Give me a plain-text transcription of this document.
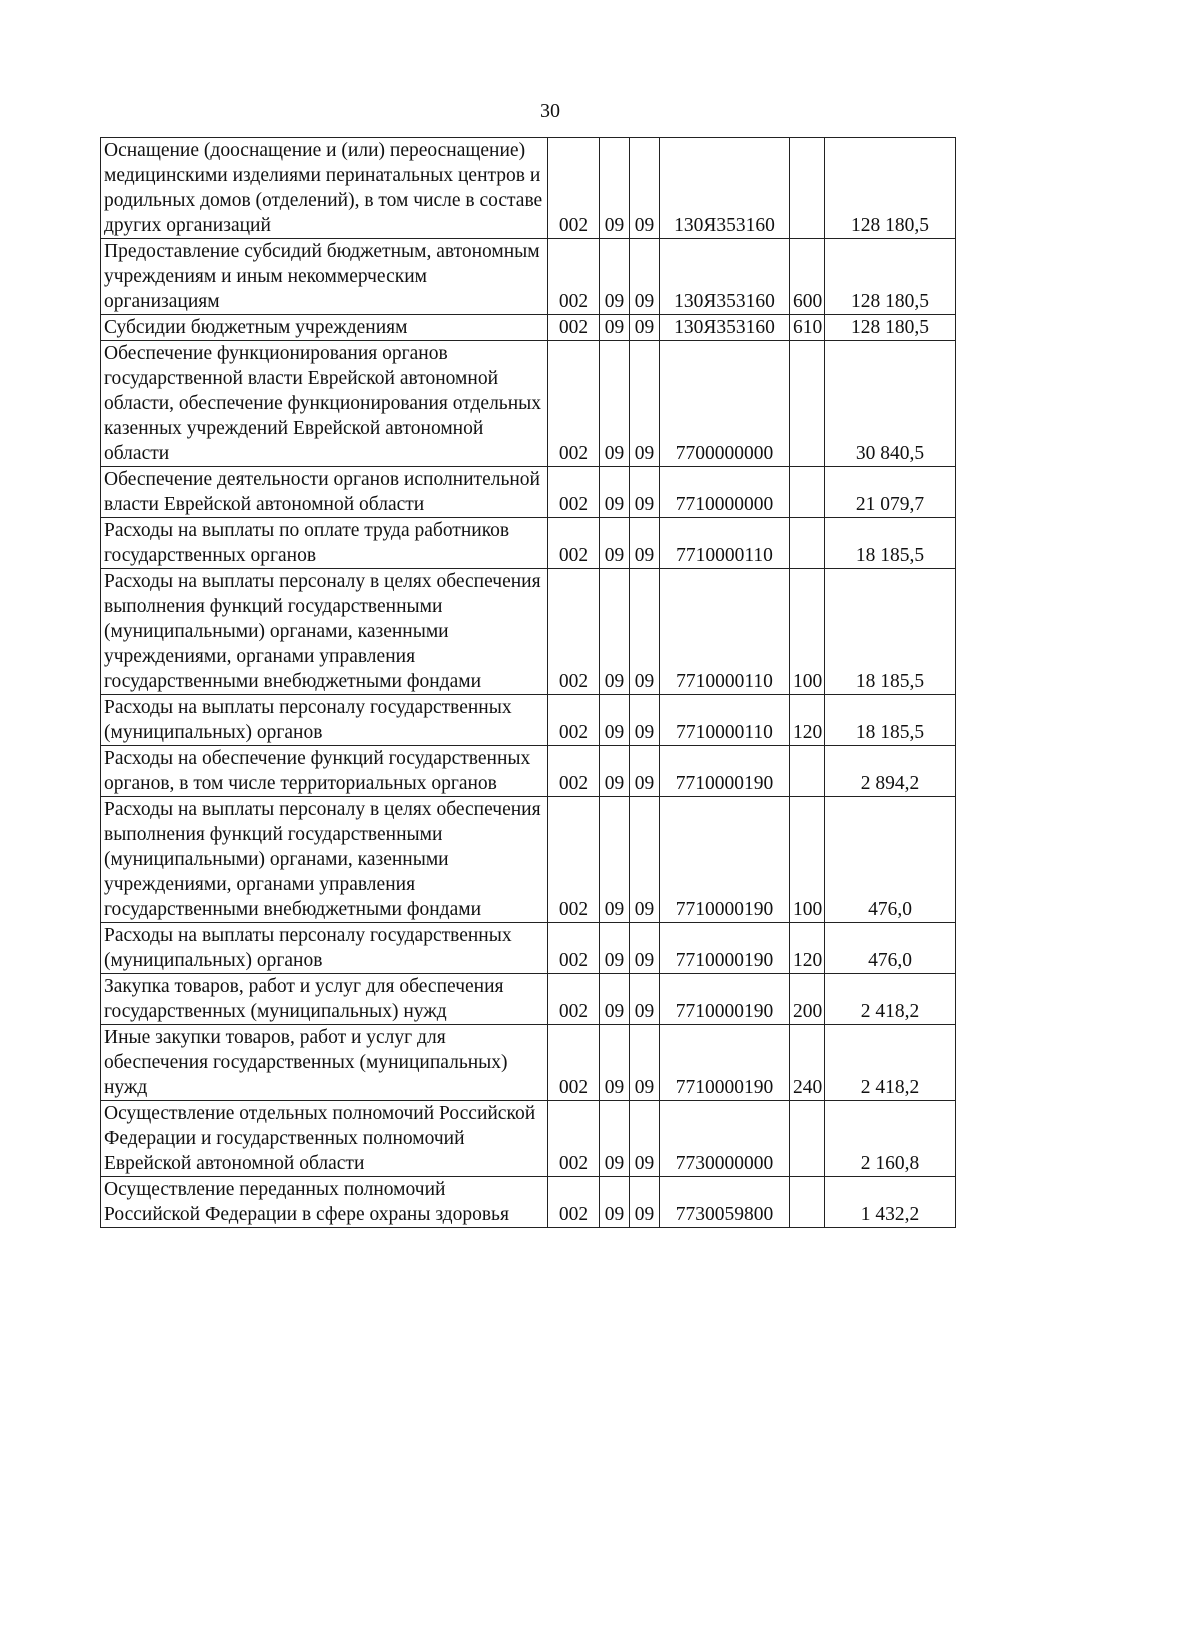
30
Оснащение (дооснащение и (или) переоснащение) медицинскими изделиями перинатальных центров и родильных домов (отделений), в том числе в составе других организаций	002	09	09	130Я353160		128 180,5
Предоставление субсидий бюджетным, автономным учреждениям и иным некоммерческим организациям	002	09	09	130Я353160	600	128 180,5
Субсидии бюджетным учреждениям	002	09	09	130Я353160	610	128 180,5
Обеспечение функционирования органов государственной власти Еврейской автономной области, обеспечение функционирования отдельных казенных учреждений Еврейской автономной области	002	09	09	7700000000		30 840,5
Обеспечение деятельности органов исполнительной власти Еврейской автономной области	002	09	09	7710000000		21 079,7
Расходы на выплаты по оплате труда работников государственных органов	002	09	09	7710000110		18 185,5
Расходы на выплаты персоналу в целях обеспечения выполнения функций государственными (муниципальными) органами, казенными учреждениями, органами управления государственными внебюджетными фондами	002	09	09	7710000110	100	18 185,5
Расходы на выплаты персоналу государственных (муниципальных) органов	002	09	09	7710000110	120	18 185,5
Расходы на обеспечение функций государственных органов, в том числе территориальных органов	002	09	09	7710000190		2 894,2
Расходы на выплаты персоналу в целях обеспечения выполнения функций государственными (муниципальными) органами, казенными учреждениями, органами управления государственными внебюджетными фондами	002	09	09	7710000190	100	476,0
Расходы на выплаты персоналу государственных (муниципальных) органов	002	09	09	7710000190	120	476,0
Закупка товаров, работ и услуг для обеспечения государственных (муниципальных) нужд	002	09	09	7710000190	200	2 418,2
Иные закупки товаров, работ и услуг для обеспечения государственных (муниципальных) нужд	002	09	09	7710000190	240	2 418,2
Осуществление отдельных полномочий Российской Федерации и государственных полномочий Еврейской автономной области	002	09	09	7730000000		2 160,8
Осуществление переданных полномочий Российской Федерации в сфере охраны здоровья	002	09	09	7730059800		1 432,2
